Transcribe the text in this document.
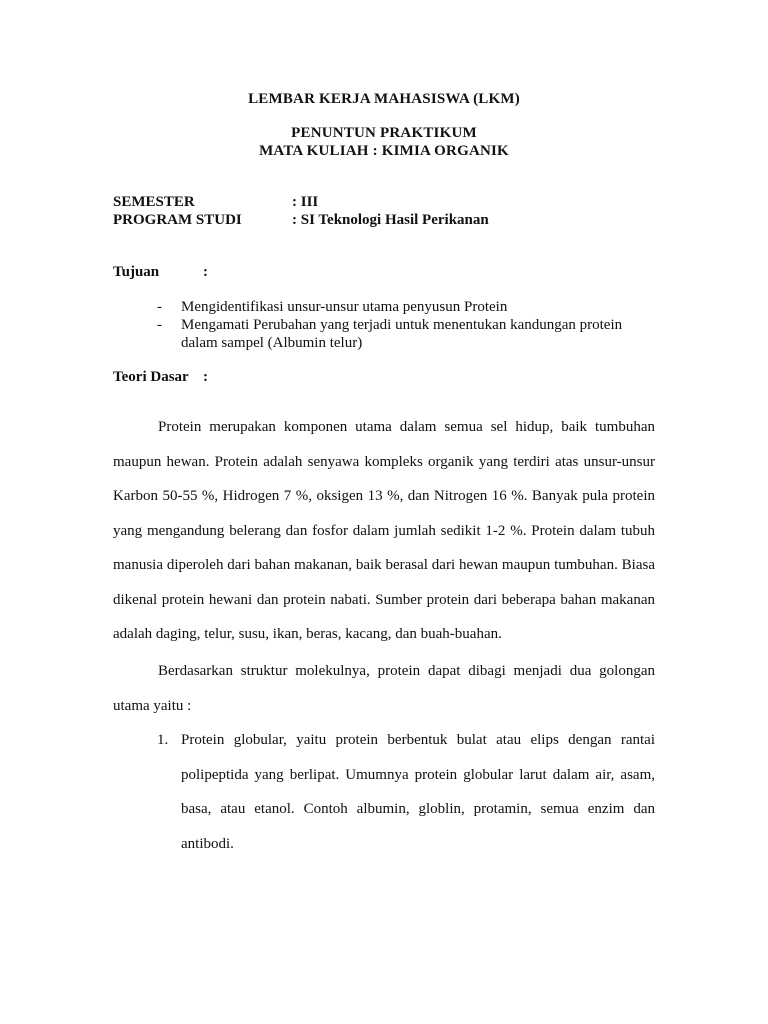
LEMBAR KERJA MAHASISWA (LKM)
PENUNTUN PRAKTIKUM
MATA KULIAH : KIMIA ORGANIK
SEMESTER	: III
PROGRAM STUDI	: SI Teknologi Hasil Perikanan
Tujuan	:
- Mengidentifikasi unsur-unsur utama penyusun Protein
- Mengamati Perubahan yang terjadi untuk menentukan kandungan protein dalam sampel (Albumin telur)
Teori Dasar :
Protein merupakan komponen utama dalam semua sel hidup, baik tumbuhan maupun hewan. Protein adalah senyawa kompleks organik yang terdiri atas unsur-unsur Karbon 50-55 %, Hidrogen 7 %, oksigen 13 %, dan Nitrogen 16 %. Banyak pula protein yang mengandung belerang dan fosfor dalam jumlah sedikit 1-2 %. Protein dalam tubuh manusia diperoleh dari bahan makanan, baik berasal dari hewan maupun tumbuhan. Biasa dikenal protein hewani dan protein nabati. Sumber protein dari beberapa bahan makanan adalah daging, telur, susu, ikan, beras, kacang, dan buah-buahan.
Berdasarkan struktur molekulnya, protein dapat dibagi menjadi dua golongan utama yaitu :
1. Protein globular, yaitu protein berbentuk bulat atau elips dengan rantai polipeptida yang berlipat. Umumnya protein globular larut dalam air, asam, basa, atau etanol. Contoh albumin, globlin, protamin, semua enzim dan antibodi.
